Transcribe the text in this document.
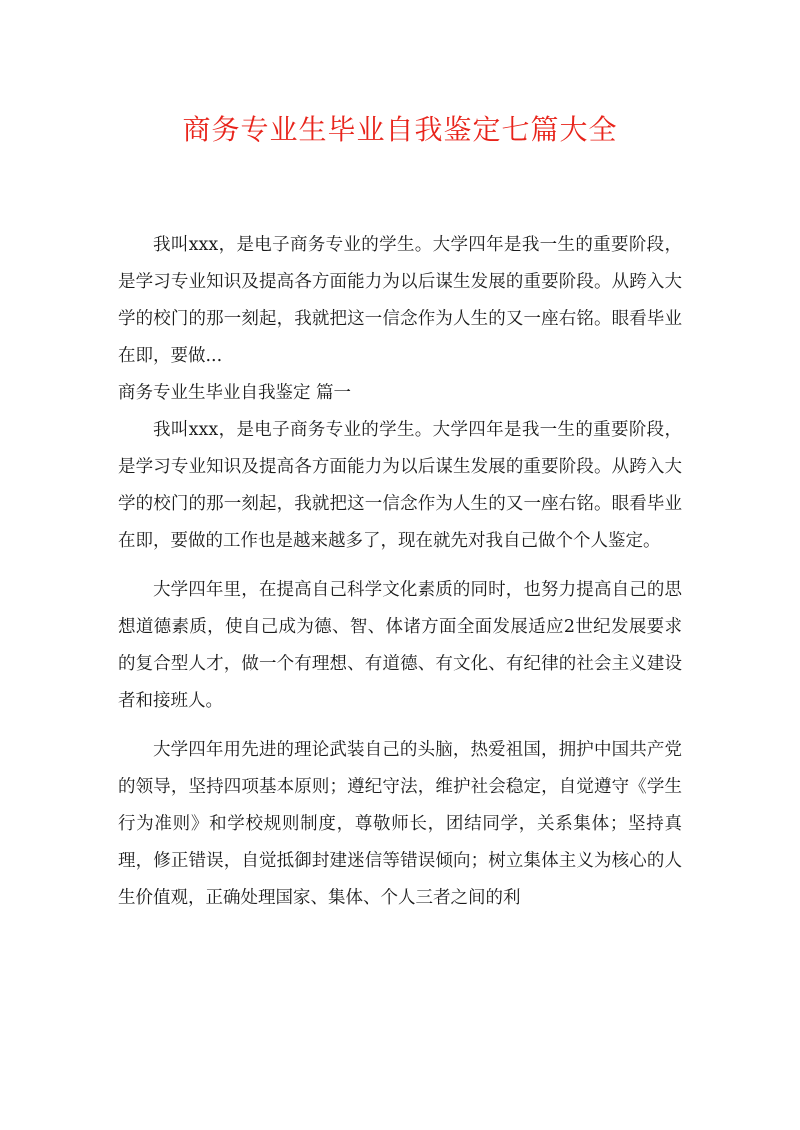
商务专业生毕业自我鉴定七篇大全

我叫xxx，是电子商务专业的学生。大学四年是我一生的重要阶段，是学习专业知识及提高各方面能力为以后谋生发展的重要阶段。从跨入大学的校门的那一刻起，我就把这一信念作为人生的又一座右铭。眼看毕业在即，要做...

商务专业生毕业自我鉴定 篇一

我叫xxx，是电子商务专业的学生。大学四年是我一生的重要阶段，是学习专业知识及提高各方面能力为以后谋生发展的重要阶段。从跨入大学的校门的那一刻起，我就把这一信念作为人生的又一座右铭。眼看毕业在即，要做的工作也是越来越多了，现在就先对我自己做个个人鉴定。

大学四年里，在提高自己科学文化素质的同时，也努力提高自己的思想道德素质，使自己成为德、智、体诸方面全面发展适应2世纪发展要求的复合型人才，做一个有理想、有道德、有文化、有纪律的社会主义建设者和接班人。

大学四年用先进的理论武装自己的头脑，热爱祖国，拥护中国共产党的领导，坚持四项基本原则；遵纪守法，维护社会稳定，自觉遵守《学生行为准则》和学校规则制度，尊敬师长，团结同学，关系集体；坚持真理，修正错误，自觉抵御封建迷信等错误倾向；树立集体主义为核心的人生价值观，正确处理国家、集体、个人三者之间的利
